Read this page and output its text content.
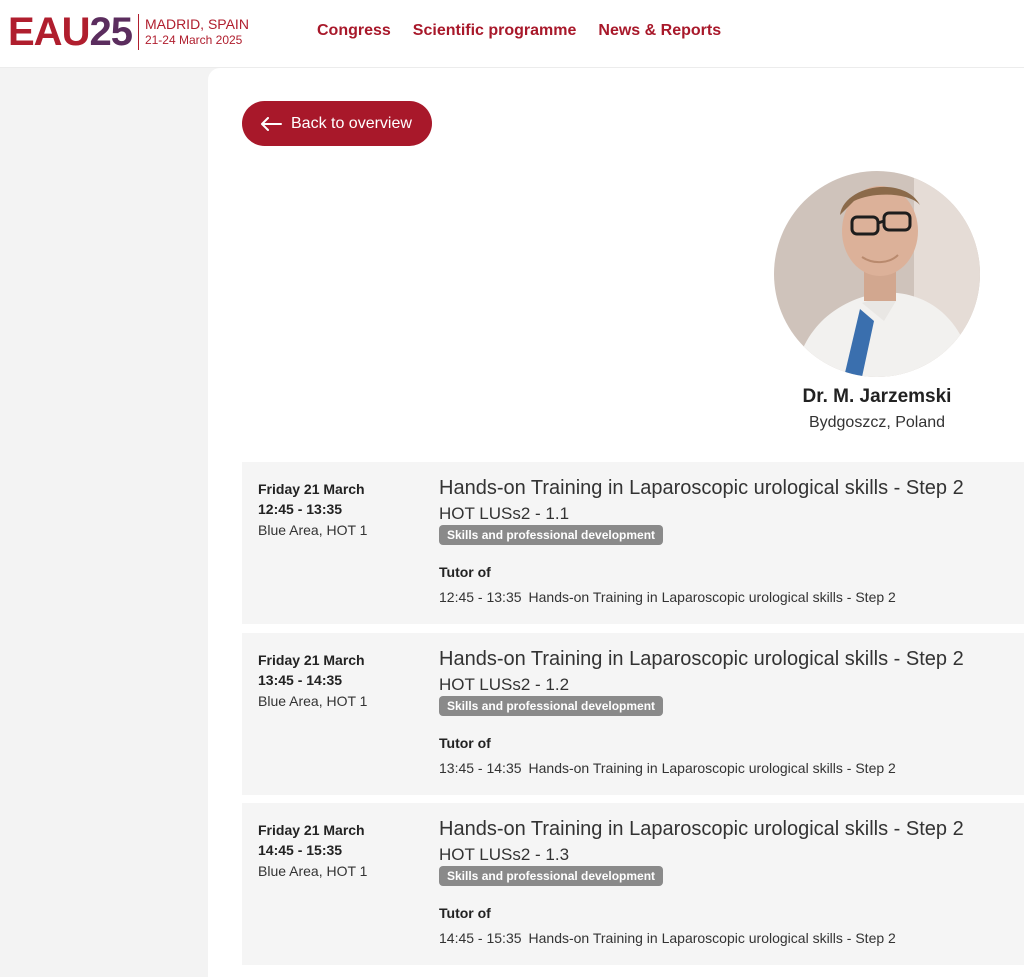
EAU 25 MADRID, SPAIN
21-24 March 2025
Congress Scientific programme News & Reports
Back to overview
Dr. M. Jarzemski
Bydgoszcz, Poland
Friday 21 March
12:45 - 13:35
Blue Area, HOT 1
Hands-on Training in Laparoscopic urological skills - Step 2
HOT LUSs2 - 1.1
Skills and professional development
Tutor of
12:45 - 13:35 Hands-on Training in Laparoscopic urological skills - Step 2
Friday 21 March
13:45 - 14:35
Blue Area, HOT 1
Hands-on Training in Laparoscopic urological skills - Step 2
HOT LUSs2 - 1.2
Skills and professional development
Tutor of
13:45 - 14:35 Hands-on Training in Laparoscopic urological skills - Step 2
Friday 21 March
14:45 - 15:35
Blue Area, HOT 1
Hands-on Training in Laparoscopic urological skills - Step 2
HOT LUSs2 - 1.3
Skills and professional development
Tutor of
14:45 - 15:35 Hands-on Training in Laparoscopic urological skills - Step 2
